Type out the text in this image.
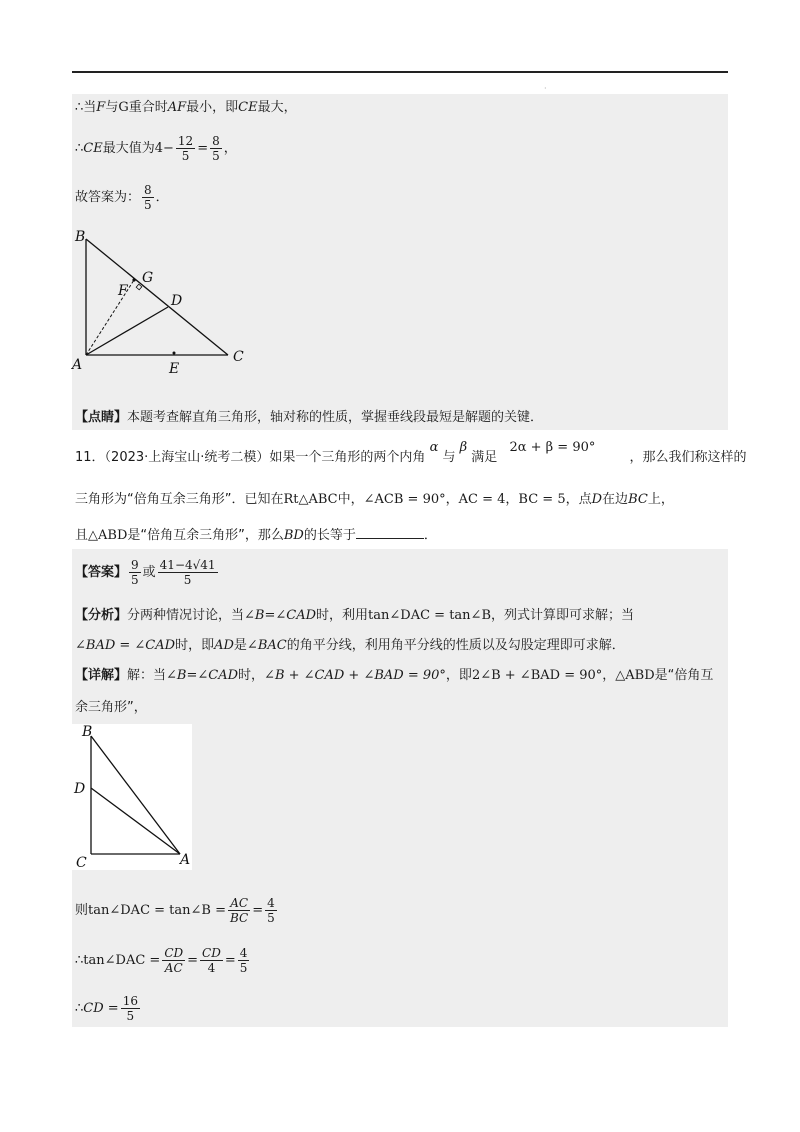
·
∴当F与G重合时AF最小，即CE最大，
∴CE最大值为$4- \frac{12}{5} = \frac{8}{5}$ ，
故答案为： $\frac{8}{5}$ ．
B
G
F
D
A	E
C
【点睛】本题考查解直角三角形，轴对称的性质，掌握垂线段最短是解题的关键．
11．（2023·上海宝山·统考二模）如果一个三角形的两个内角 α 与 β 满足 2α + β = 90° ，那么我们称这样的
三角形为“倍角互余三角形”．已知在Rt△ABC中，∠ACB = 90°，AC = 4，BC = 5，点D在边BC上，
且△ABD是“倍角互余三角形”，那么BD的长等于	．
【答案】 $\frac{9}{5}$ 或 $\frac{41-4√41}{5}$
【分析】分两种情况讨论，当∠B=∠CAD时，利用tan∠DAC = tan∠B，列式计算即可求解；当
∠BAD = ∠CAD时，即AD是∠BAC的角平分线，利用角平分线的性质以及勾股定理即可求解．
【详解】解：当∠B=∠CAD时，∠B + ∠CAD + ∠BAD = 90°，即2∠B + ∠BAD = 90°，△ABD是“倍角互
余三角形”，
B
D
C	A
则tan∠DAC = tan∠B = $\frac{AC}{BC} = \frac{4}{5}$
∴tan∠DAC = $\frac{CD}{AC} = \frac{CD}{4} = \frac{4}{5}$
∴CD = $\frac{16}{5}$
